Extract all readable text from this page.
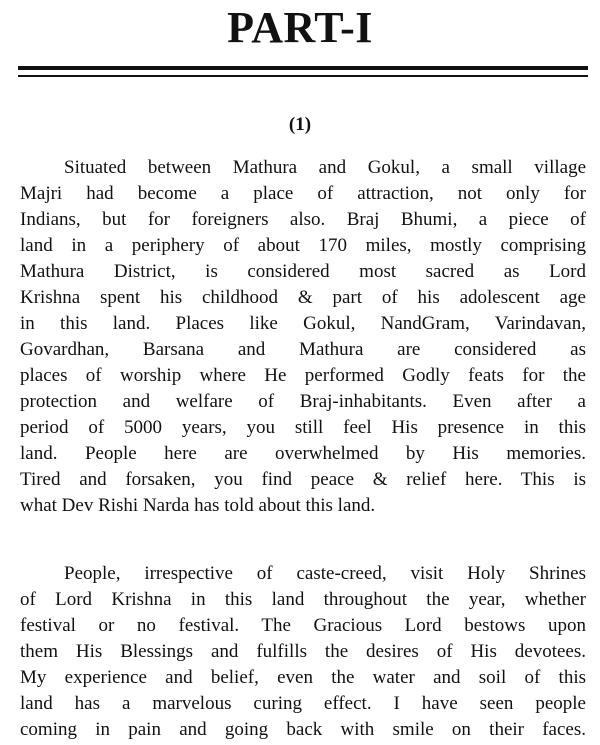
PART-I
(1)

Situated between Mathura and Gokul, a small village
Majri had become a place of attraction, not only for
Indians, but for foreigners also. Braj Bhumi, a piece of
land in a periphery of about 170 miles, mostly comprising
Mathura District, is considered most sacred as Lord
Krishna spent his childhood & part of his adolescent age
in this land. Places like Gokul, NandGram, Varindavan,
Govardhan, Barsana and Mathura are considered as
places of worship where He performed Godly feats for the
protection and welfare of Braj-inhabitants. Even after a
period of 5000 years, you still feel His presence in this
land. People here are overwhelmed by His memories.
Tired and forsaken, you find peace & relief here. This is
what Dev Rishi Narda has told about this land.

People, irrespective of caste-creed, visit Holy Shrines
of Lord Krishna in this land throughout the year, whether
festival or no festival. The Gracious Lord bestows upon
them His Blessings and fulfills the desires of His devotees.
My experience and belief, even the water and soil of this
land has a marvelous curing effect. I have seen people
coming in pain and going back with smile on their faces.
